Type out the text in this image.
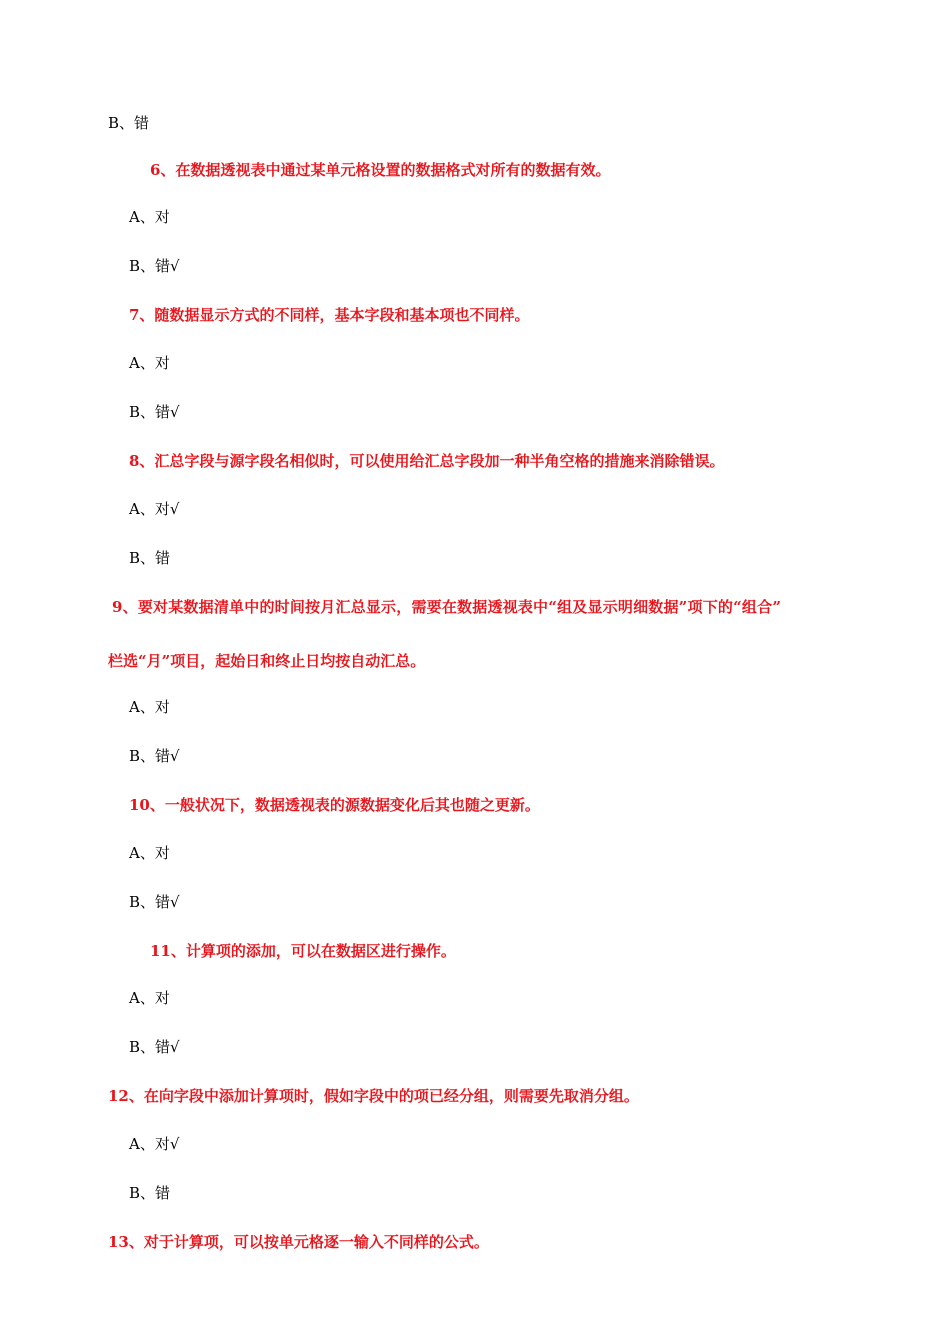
B、错
6、在数据透视表中通过某单元格设置的数据格式对所有的数据有效。
A、对
B、错√
7、随数据显示方式的不同样，基本字段和基本项也不同样。
A、对
B、错√
8、汇总字段与源字段名相似时，可以使用给汇总字段加一种半角空格的措施来消除错误。
A、对√
B、错
9、要对某数据清单中的时间按月汇总显示，需要在数据透视表中“组及显示明细数据”项下的“组合”
栏选“月”项目，起始日和终止日均按自动汇总。
A、对
B、错√
10、一般状况下，数据透视表的源数据变化后其也随之更新。
A、对
B、错√
11、计算项的添加，可以在数据区进行操作。
A、对
B、错√
12、在向字段中添加计算项时，假如字段中的项已经分组，则需要先取消分组。
A、对√
B、错
13、对于计算项，可以按单元格逐一输入不同样的公式。
